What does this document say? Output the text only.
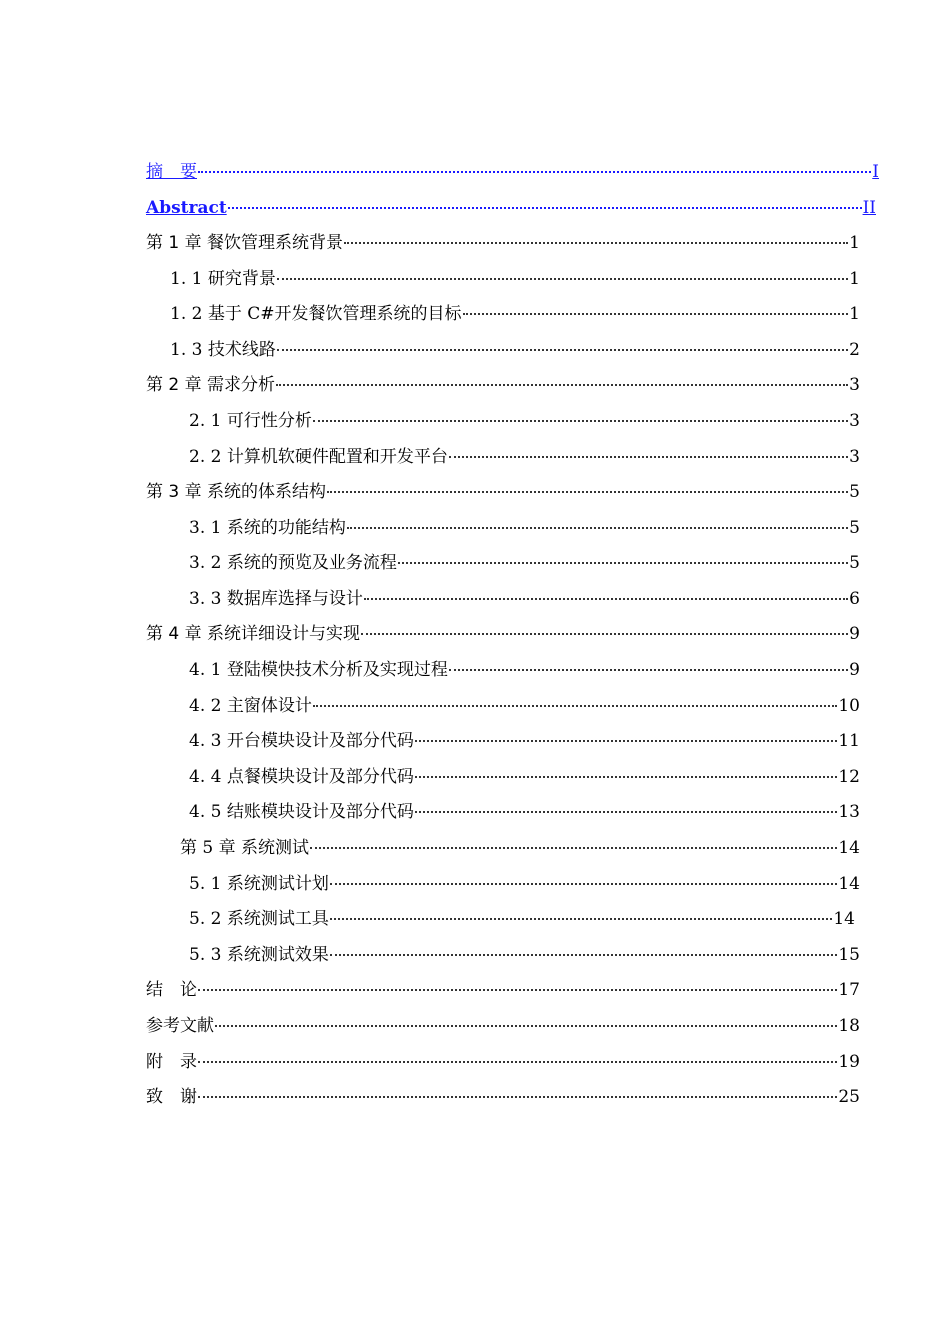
摘　要	I
Abstract	II
第 1 章 餐饮管理系统背景	1
1. 1 研究背景	1
1. 2 基于 C#开发餐饮管理系统的目标	1
1. 3 技术线路	2
第 2 章 需求分析	3
2. 1 可行性分析	3
2. 2 计算机软硬件配置和开发平台	3
第 3 章 系统的体系结构	5
3. 1 系统的功能结构	5
3. 2 系统的预览及业务流程	5
3. 3 数据库选择与设计	6
第 4 章 系统详细设计与实现	9
4. 1 登陆模快技术分析及实现过程	9
4. 2 主窗体设计	10
4. 3 开台模块设计及部分代码	11
4. 4 点餐模块设计及部分代码	12
4. 5 结账模块设计及部分代码	13
第 5 章 系统测试	14
5. 1 系统测试计划	14
5. 2 系统测试工具	14
5. 3 系统测试效果	15
结　论	17
参考文献	18
附　录	19
致　谢	25
